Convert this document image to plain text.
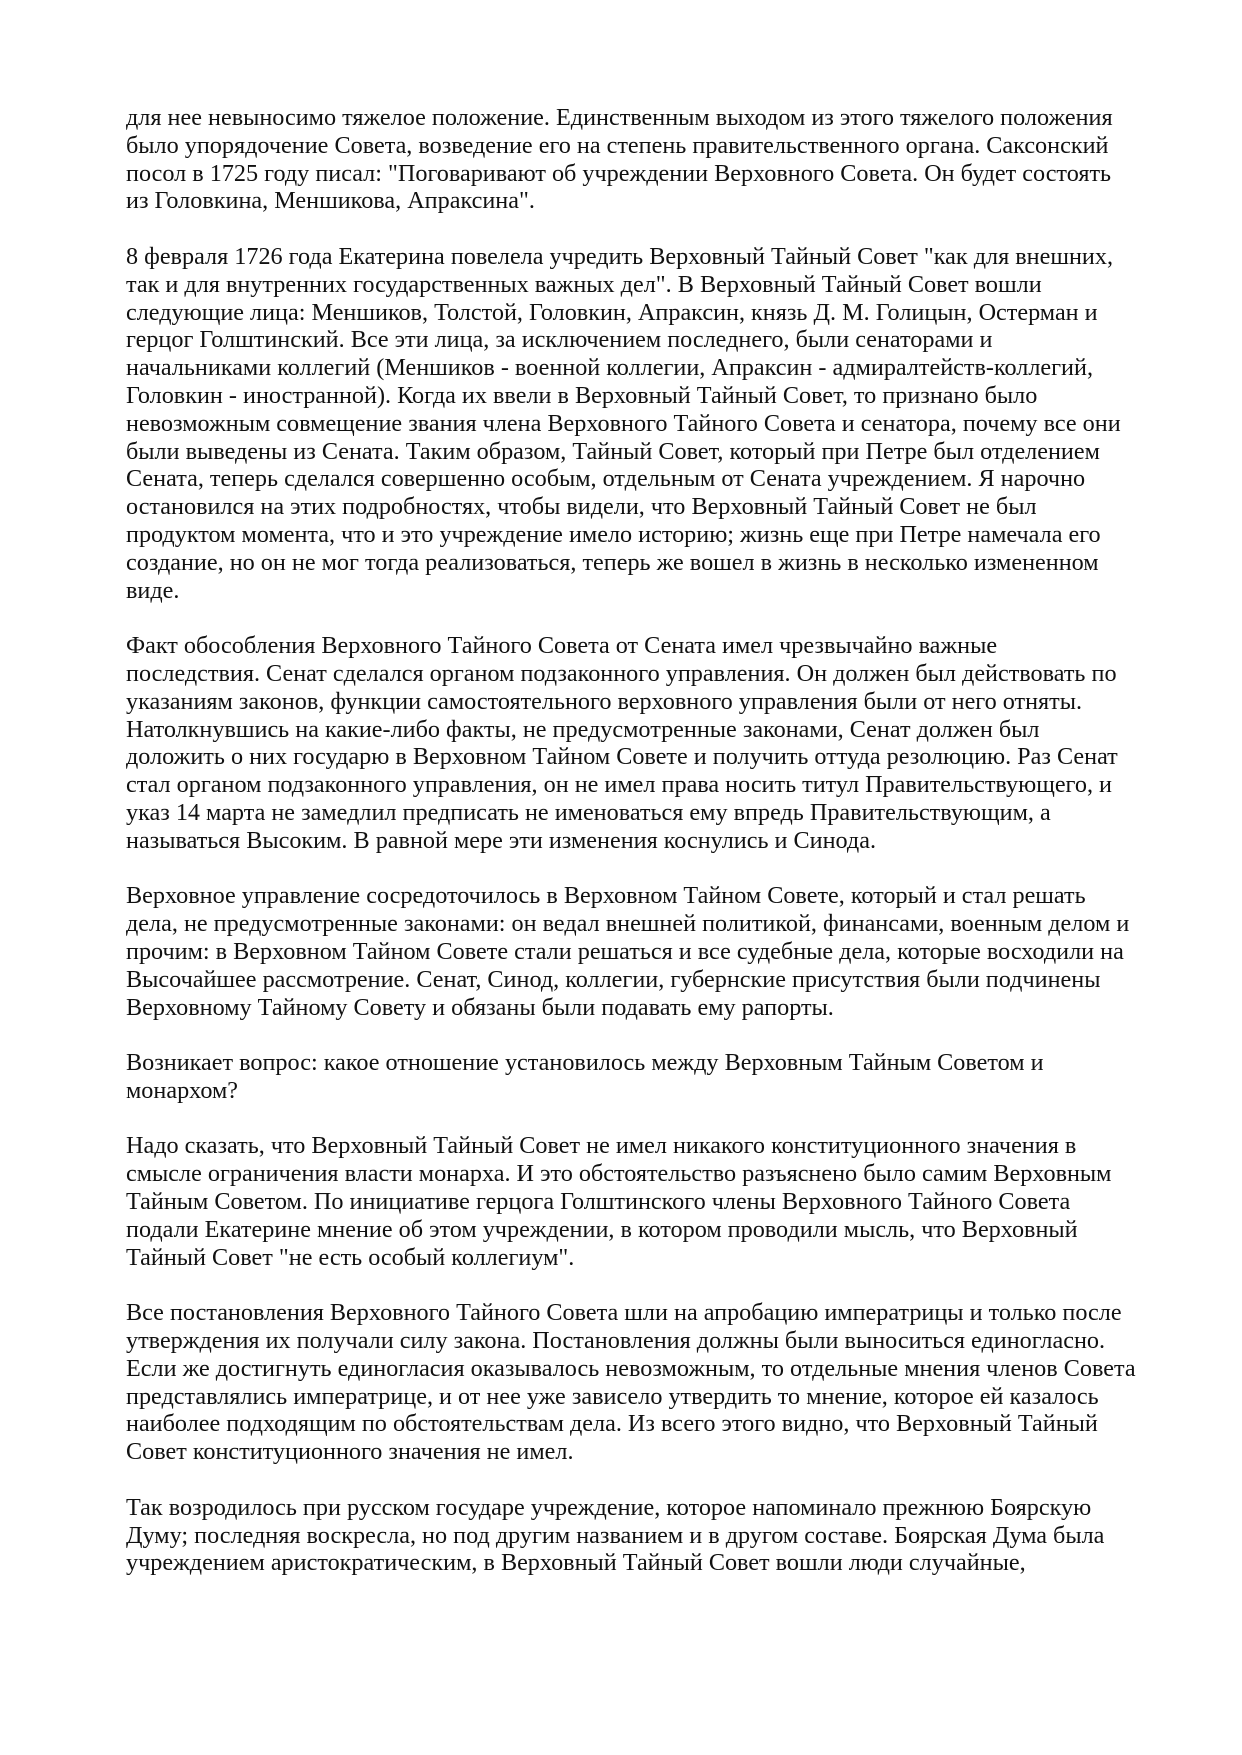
для нее невыносимо тяжелое положение. Единственным выходом из этого тяжелого положения было упорядочение Совета, возведение его на степень правительственного органа. Саксонский посол в 1725 году писал: "Поговаривают об учреждении Верховного Совета. Он будет состоять из Головкина, Меншикова, Апраксина".

8 февраля 1726 года Екатерина повелела учредить Верховный Тайный Совет "как для внешних, так и для внутренних государственных важных дел". В Верховный Тайный Совет вошли следующие лица: Меншиков, Толстой, Головкин, Апраксин, князь Д. М. Голицын, Остерман и герцог Голштинский. Все эти лица, за исключением последнего, были сенаторами и начальниками коллегий (Меншиков - военной коллегии, Апраксин - адмиралтейств-коллегий, Головкин - иностранной). Когда их ввели в Верховный Тайный Совет, то признано было невозможным совмещение звания члена Верховного Тайного Совета и сенатора, почему все они были выведены из Сената. Таким образом, Тайный Совет, который при Петре был отделением Сената, теперь сделался совершенно особым, отдельным от Сената учреждением. Я нарочно остановился на этих подробностях, чтобы видели, что Верховный Тайный Совет не был продуктом момента, что и это учреждение имело историю; жизнь еще при Петре намечала его создание, но он не мог тогда реализоваться, теперь же вошел в жизнь в несколько измененном виде.

Факт обособления Верховного Тайного Совета от Сената имел чрезвычайно важные последствия. Сенат сделался органом подзаконного управления. Он должен был действовать по указаниям законов, функции самостоятельного верховного управления были от него отняты. Натолкнувшись на какие-либо факты, не предусмотренные законами, Сенат должен был доложить о них государю в Верховном Тайном Совете и получить оттуда резолюцию. Раз Сенат стал органом подзаконного управления, он не имел права носить титул Правительствующего, и указ 14 марта не замедлил предписать не именоваться ему впредь Правительствующим, а называться Высоким. В равной мере эти изменения коснулись и Синода.

Верховное управление сосредоточилось в Верховном Тайном Совете, который и стал решать дела, не предусмотренные законами: он ведал внешней политикой, финансами, военным делом и прочим: в Верховном Тайном Совете стали решаться и все судебные дела, которые восходили на Высочайшее рассмотрение. Сенат, Синод, коллегии, губернские присутствия были подчинены Верховному Тайному Совету и обязаны были подавать ему рапорты.

Возникает вопрос: какое отношение установилось между Верховным Тайным Советом и монархом?

Надо сказать, что Верховный Тайный Совет не имел никакого конституционного значения в смысле ограничения власти монарха. И это обстоятельство разъяснено было самим Верховным Тайным Советом. По инициативе герцога Голштинского члены Верховного Тайного Совета подали Екатерине мнение об этом учреждении, в котором проводили мысль, что Верховный Тайный Совет "не есть особый коллегиум".

Все постановления Верховного Тайного Совета шли на апробацию императрицы и только после утверждения их получали силу закона. Постановления должны были выноситься единогласно. Если же достигнуть единогласия оказывалось невозможным, то отдельные мнения членов Совета представлялись императрице, и от нее уже зависело утвердить то мнение, которое ей казалось наиболее подходящим по обстоятельствам дела. Из всего этого видно, что Верховный Тайный Совет конституционного значения не имел.

Так возродилось при русском государе учреждение, которое напоминало прежнюю Боярскую Думу; последняя воскресла, но под другим названием и в другом составе. Боярская Дума была учреждением аристократическим, в Верховный Тайный Совет вошли люди случайные,
